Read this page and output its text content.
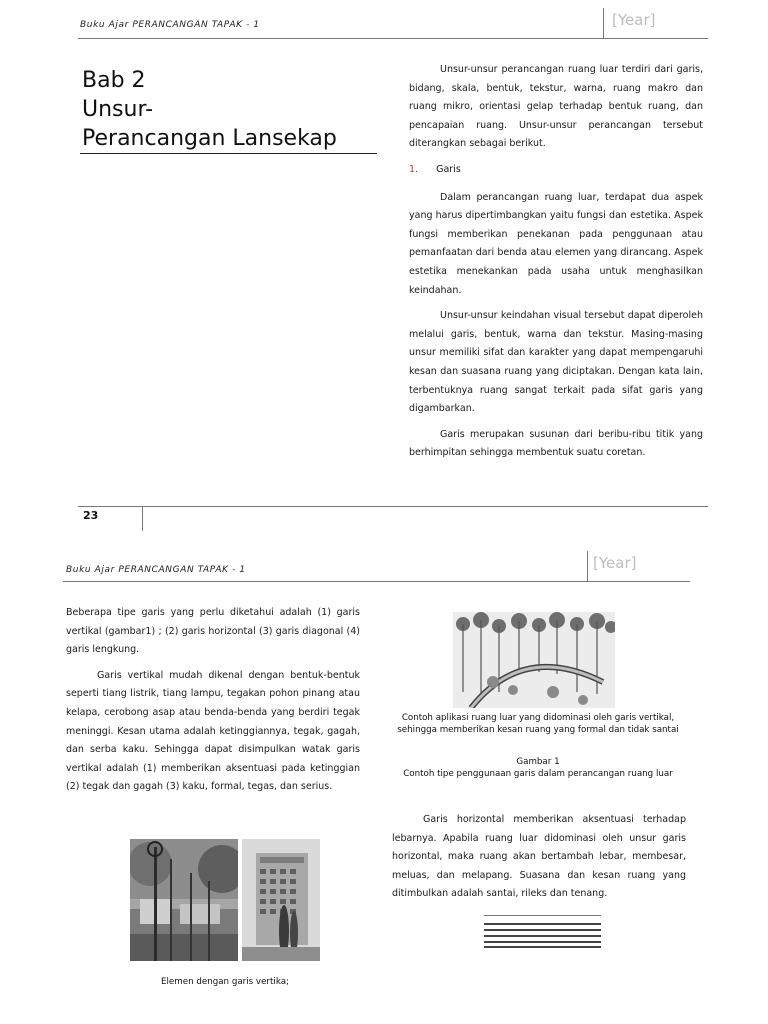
Buku Ajar PERANCANGAN TAPAK - 1	[Year]
Bab 2
Unsur-
Perancangan Lansekap

Unsur-unsur perancangan ruang luar terdiri dari garis, bidang, skala, bentuk, tekstur, warna, ruang makro dan ruang mikro, orientasi gelap terhadap bentuk ruang, dan pencapaian ruang. Unsur-unsur perancangan tersebut diterangkan sebagai berikut.

1. Garis

Dalam perancangan ruang luar, terdapat dua aspek yang harus dipertimbangkan yaitu fungsi dan estetika. Aspek fungsi memberikan penekanan pada penggunaan atau pemanfaatan dari benda atau elemen yang dirancang. Aspek estetika menekankan pada usaha untuk menghasilkan keindahan.

Unsur-unsur keindahan visual tersebut dapat diperoleh melalui garis, bentuk, warna dan tekstur. Masing-masing unsur memiliki sifat dan karakter yang dapat mempengaruhi kesan dan suasana ruang yang diciptakan. Dengan kata lain, terbentuknya ruang sangat terkait pada sifat garis yang digambarkan.

Garis merupakan susunan dari beribu-ribu titik yang berhimpitan sehingga membentuk suatu coretan.

23
Buku Ajar PERANCANGAN TAPAK - 1	[Year]

Beberapa tipe garis yang perlu diketahui adalah (1) garis vertikal (gambar1) ; (2) garis horizontal (3) garis diagonal (4) garis lengkung.

Garis vertikal mudah dikenal dengan bentuk-bentuk seperti tiang listrik, tiang lampu, tegakan pohon pinang atau kelapa, cerobong asap atau benda-benda yang berdiri tegak meninggi. Kesan utama adalah ketinggiannya, tegak, gagah, dan serba kaku. Sehingga dapat disimpulkan watak garis vertikal adalah (1) memberikan aksentuasi pada ketinggian (2) tegak dan gagah (3) kaku, formal, tegas, dan serius.

Elemen dengan garis vertika;
Contoh aplikasi ruang luar yang didominasi oleh garis vertikal, sehingga memberikan kesan ruang yang formal dan tidak santai
Gambar 1
Contoh tipe penggunaan garis dalam perancangan ruang luar

Garis horizontal memberikan aksentuasi terhadap lebarnya. Apabila ruang luar didominasi oleh unsur garis horizontal, maka ruang akan bertambah lebar, membesar, meluas, dan melapang. Suasana dan kesan ruang yang ditimbulkan adalah santai, rileks dan tenang.
